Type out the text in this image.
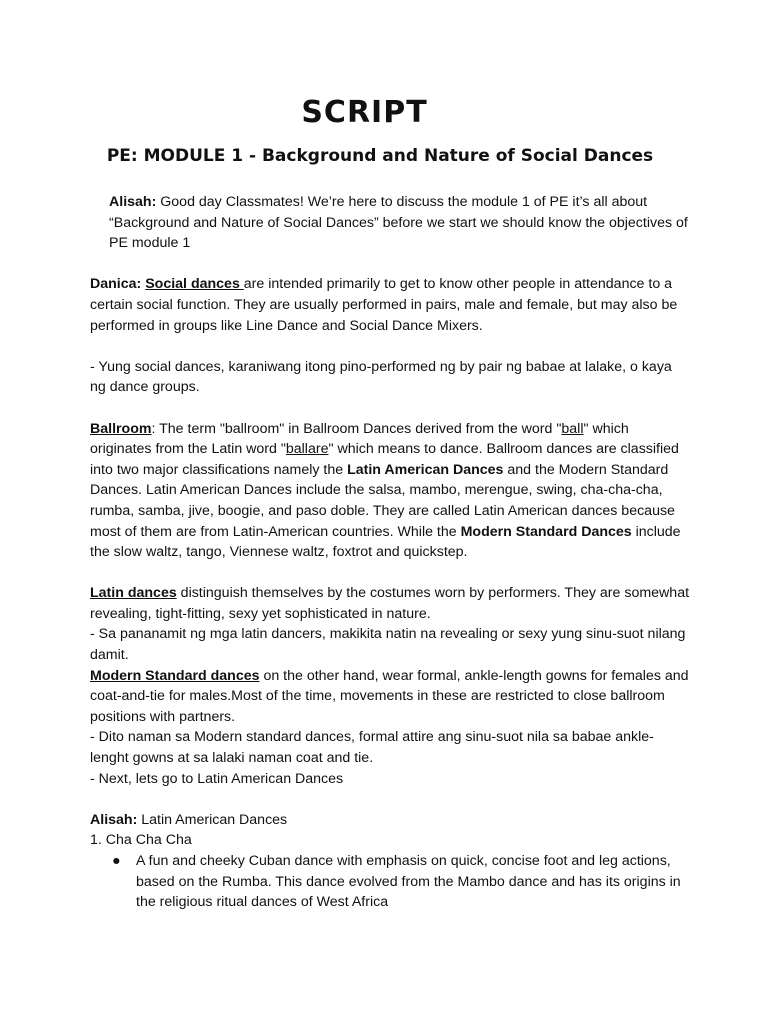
SCRIPT
PE: MODULE 1 - Background and Nature of Social Dances

Alisah: Good day Classmates! We’re here to discuss the module 1 of PE it’s all about “Background and Nature of Social Dances” before we start we should know the objectives of PE module 1

Danica: Social dances are intended primarily to get to know other people in attendance to a certain social function. They are usually performed in pairs, male and female, but may also be performed in groups like Line Dance and Social Dance Mixers.

- Yung social dances, karaniwang itong pino-performed ng by pair ng babae at lalake, o kaya ng dance groups.

Ballroom: The term "ballroom" in Ballroom Dances derived from the word "ball" which originates from the Latin word "ballare" which means to dance. Ballroom dances are classified into two major classifications namely the Latin American Dances and the Modern Standard Dances. Latin American Dances include the salsa, mambo, merengue, swing, cha-cha-cha, rumba, samba, jive, boogie, and paso doble. They are called Latin American dances because most of them are from Latin-American countries. While the Modern Standard Dances include the slow waltz, tango, Viennese waltz, foxtrot and quickstep.

Latin dances distinguish themselves by the costumes worn by performers. They are somewhat revealing, tight-fitting, sexy yet sophisticated in nature.

- Sa pananamit ng mga latin dancers, makikita natin na revealing or sexy yung sinu-suot nilang damit.

Modern Standard dances on the other hand, wear formal, ankle-length gowns for females and coat-and-tie for males.Most of the time, movements in these are restricted to close ballroom positions with partners.

- Dito naman sa Modern standard dances, formal attire ang sinu-suot nila sa babae ankle-lenght gowns at sa lalaki naman coat and tie.

- Next, lets go to Latin American Dances

Alisah: Latin American Dances

1. Cha Cha Cha

●	A fun and cheeky Cuban dance with emphasis on quick, concise foot and leg actions, based on the Rumba. This dance evolved from the Mambo dance and has its origins in the religious ritual dances of West Africa
